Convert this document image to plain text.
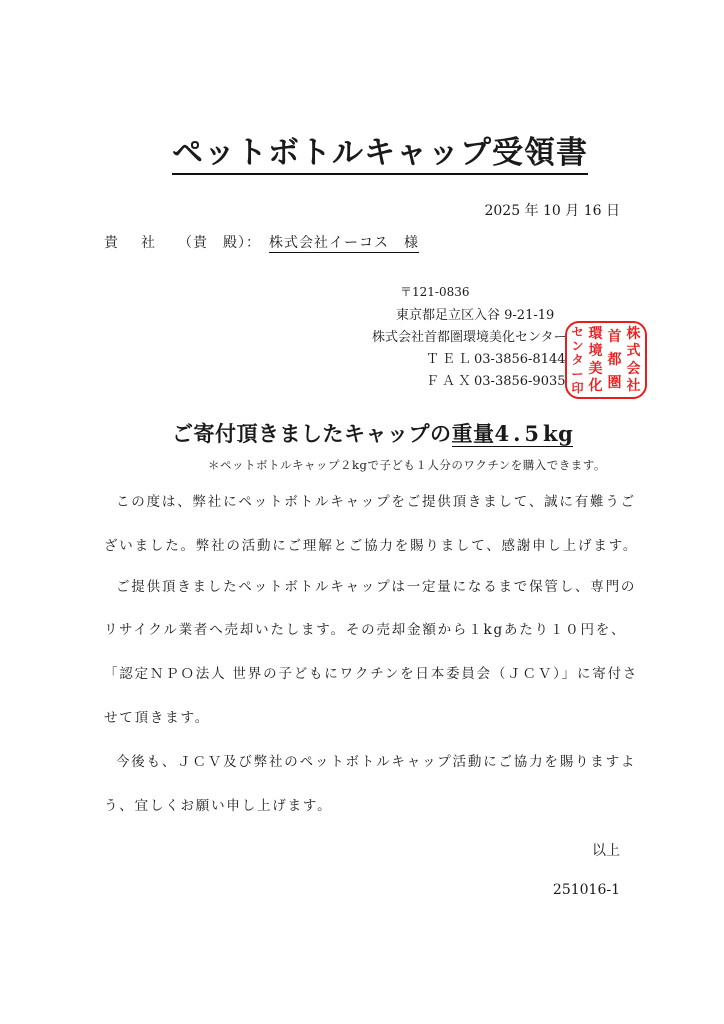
ペットボトルキャップ受領書
2025 年 10 月 16 日
貴 社 （貴　殿）： 株式会社イーコス　様
〒121-0836
東京都足立区入谷 9-21-19
株式会社首都圏環境美化センター
ＴＥＬ03-3856-8144
ＦＡＸ03-3856-9035
株
式
会
社
首
都
圏
環
境
美
化
セ
ン
タ
ー
印
ご寄付頂きましたキャップの重量4.5kg
＊ペットボトルキャップ２kgで子ども１人分のワクチンを購入できます。
この度は、弊社にペットボトルキャップをご提供頂きまして、誠に有難うご
ざいました。弊社の活動にご理解とご協力を賜りまして、感謝申し上げます。
ご提供頂きましたペットボトルキャップは一定量になるまで保管し、専門の
リサイクル業者へ売却いたします。その売却金額から１kgあたり１０円を、
「認定ＮＰＯ法人 世界の子どもにワクチンを日本委員会（ＪＣＶ）」に寄付さ
せて頂きます。
今後も、ＪＣＶ及び弊社のペットボトルキャップ活動にご協力を賜りますよ
う、宜しくお願い申し上げます。
以上
251016-1
